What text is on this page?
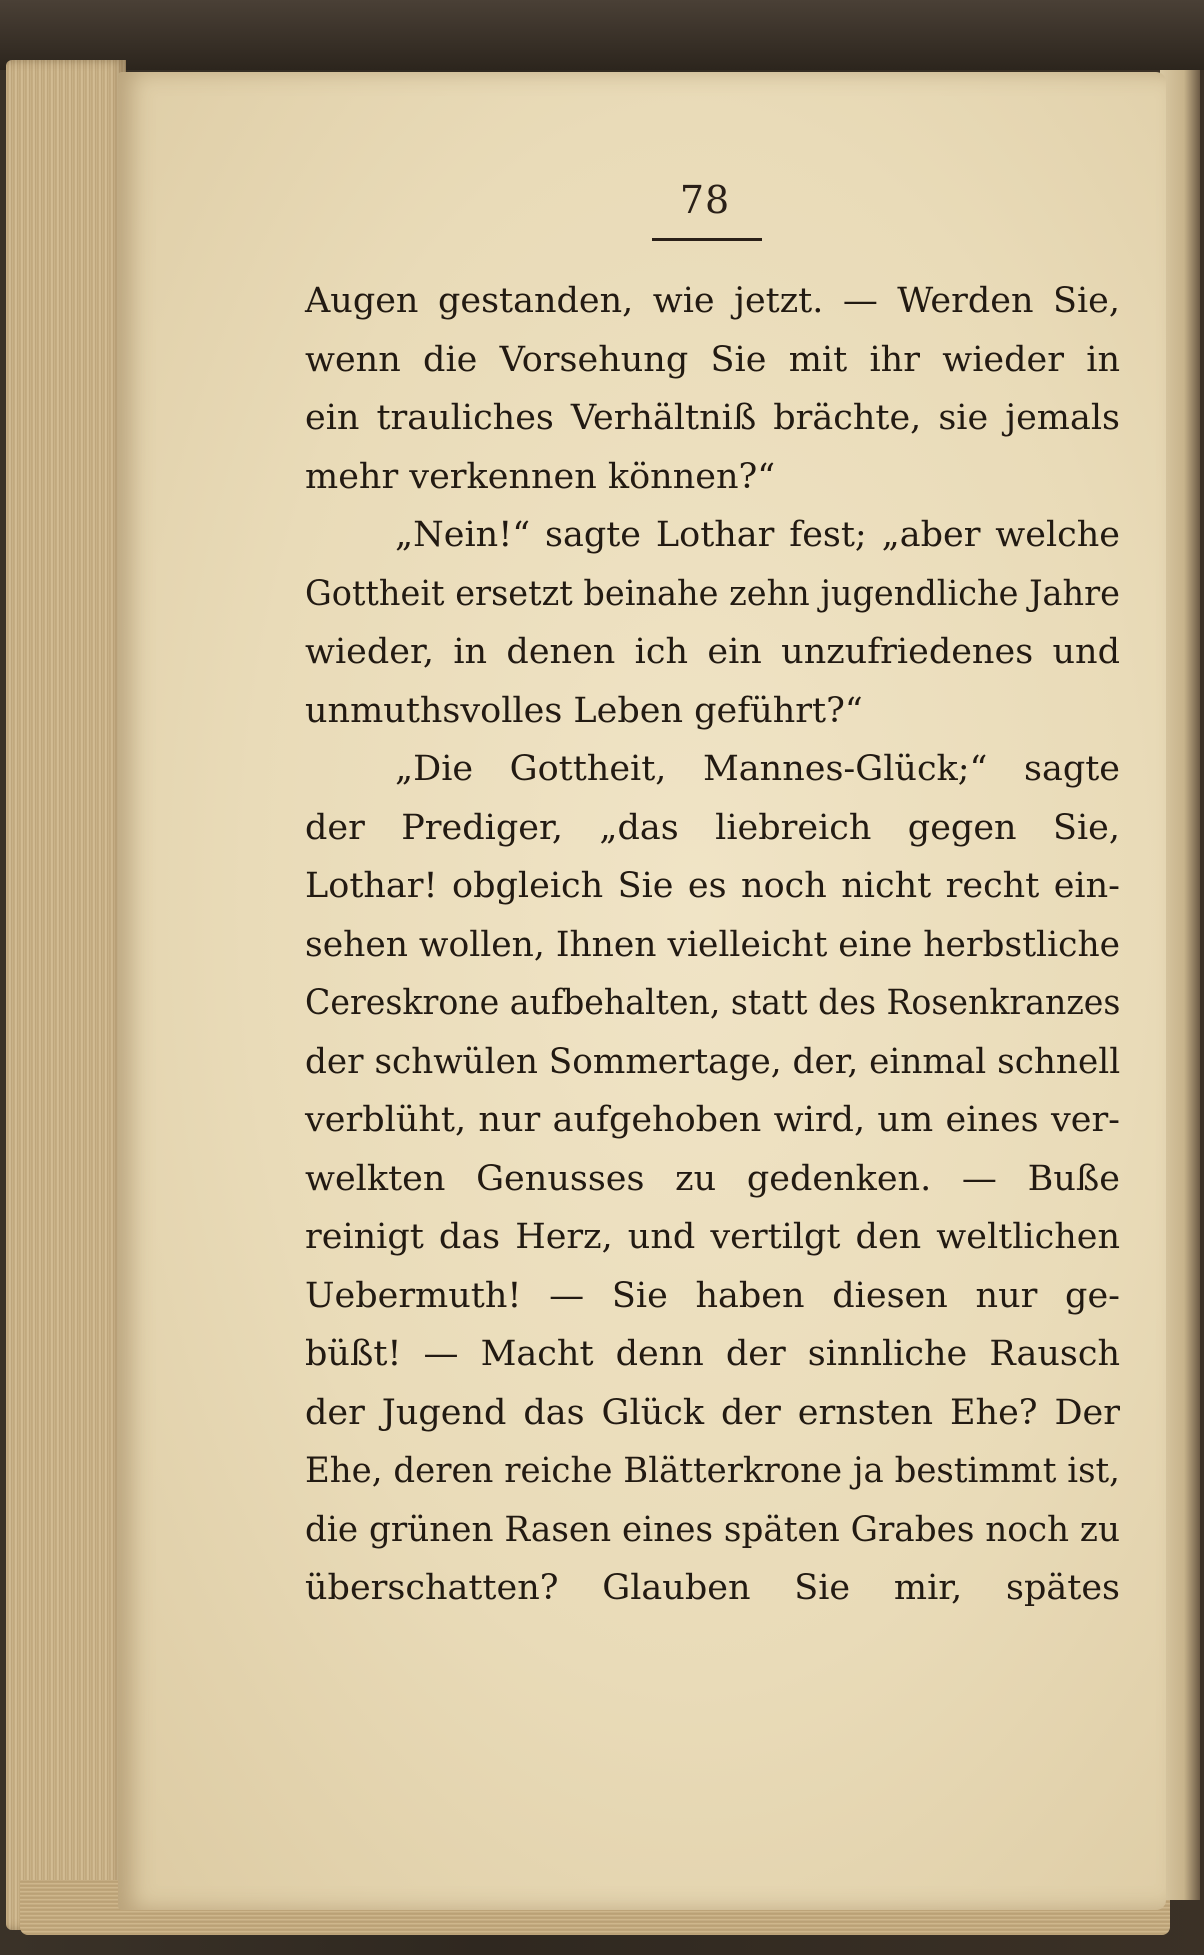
78
Augen gestanden, wie jetzt. — Werden Sie,
wenn die Vorsehung Sie mit ihr wieder in
ein trauliches Verhältniß brächte, sie jemals
mehr verkennen können?“
„Nein!“ sagte Lothar fest; „aber welche
Gottheit ersetzt beinahe zehn jugendliche Jahre
wieder, in denen ich ein unzufriedenes und
unmuthsvolles Leben geführt?“
„Die Gottheit, Mannes-Glück;“ sagte
der Prediger, „das liebreich gegen Sie,
Lothar! obgleich Sie es noch nicht recht ein-
sehen wollen, Ihnen vielleicht eine herbstliche
Cereskrone aufbehalten, statt des Rosenkranzes
der schwülen Sommertage, der, einmal schnell
verblüht, nur aufgehoben wird, um eines ver-
welkten Genusses zu gedenken. — Buße
reinigt das Herz, und vertilgt den weltlichen
Uebermuth! — Sie haben diesen nur ge-
büßt! — Macht denn der sinnliche Rausch
der Jugend das Glück der ernsten Ehe? Der
Ehe, deren reiche Blätterkrone ja bestimmt ist,
die grünen Rasen eines späten Grabes noch zu
überschatten? Glauben Sie mir, spätes
